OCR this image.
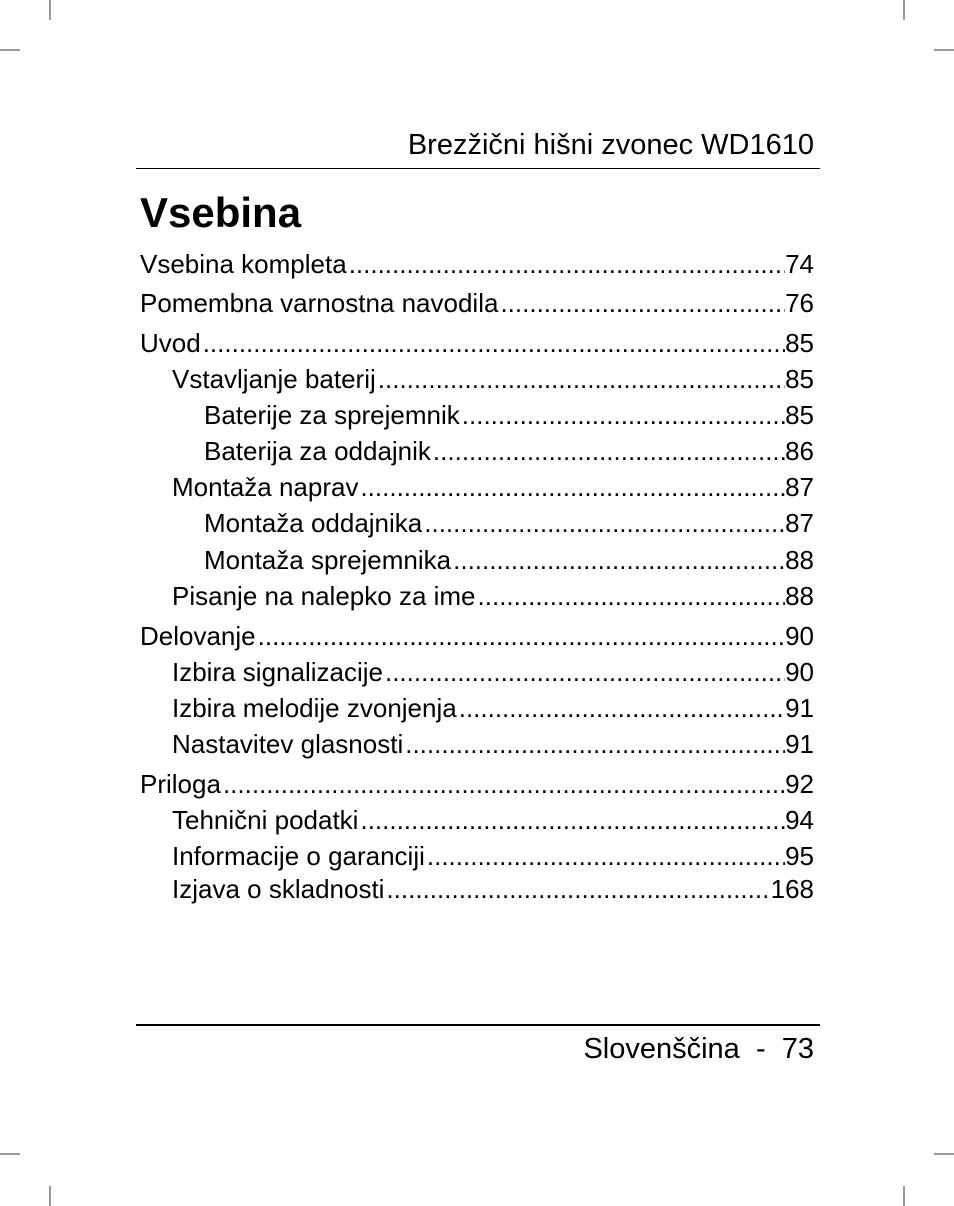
Brezžični hišni zvonec WD1610
Vsebina
Vsebina kompleta .....	74
Pomembna varnostna navodila .....	76
Uvod .....	85
Vstavljanje baterij .....	85
Baterije za sprejemnik .....	85
Baterija za oddajnik .....	86
Montaža naprav .....	87
Montaža oddajnika .....	87
Montaža sprejemnika .....	88
Pisanje na nalepko za ime .....	88
Delovanje .....	90
Izbira signalizacije .....	90
Izbira melodije zvonjenja .....	91
Nastavitev glasnosti .....	91
Priloga .....	92
Tehnični podatki .....	94
Informacije o garanciji .....	95
Izjava o skladnosti .....	168
Slovenščina - 73
